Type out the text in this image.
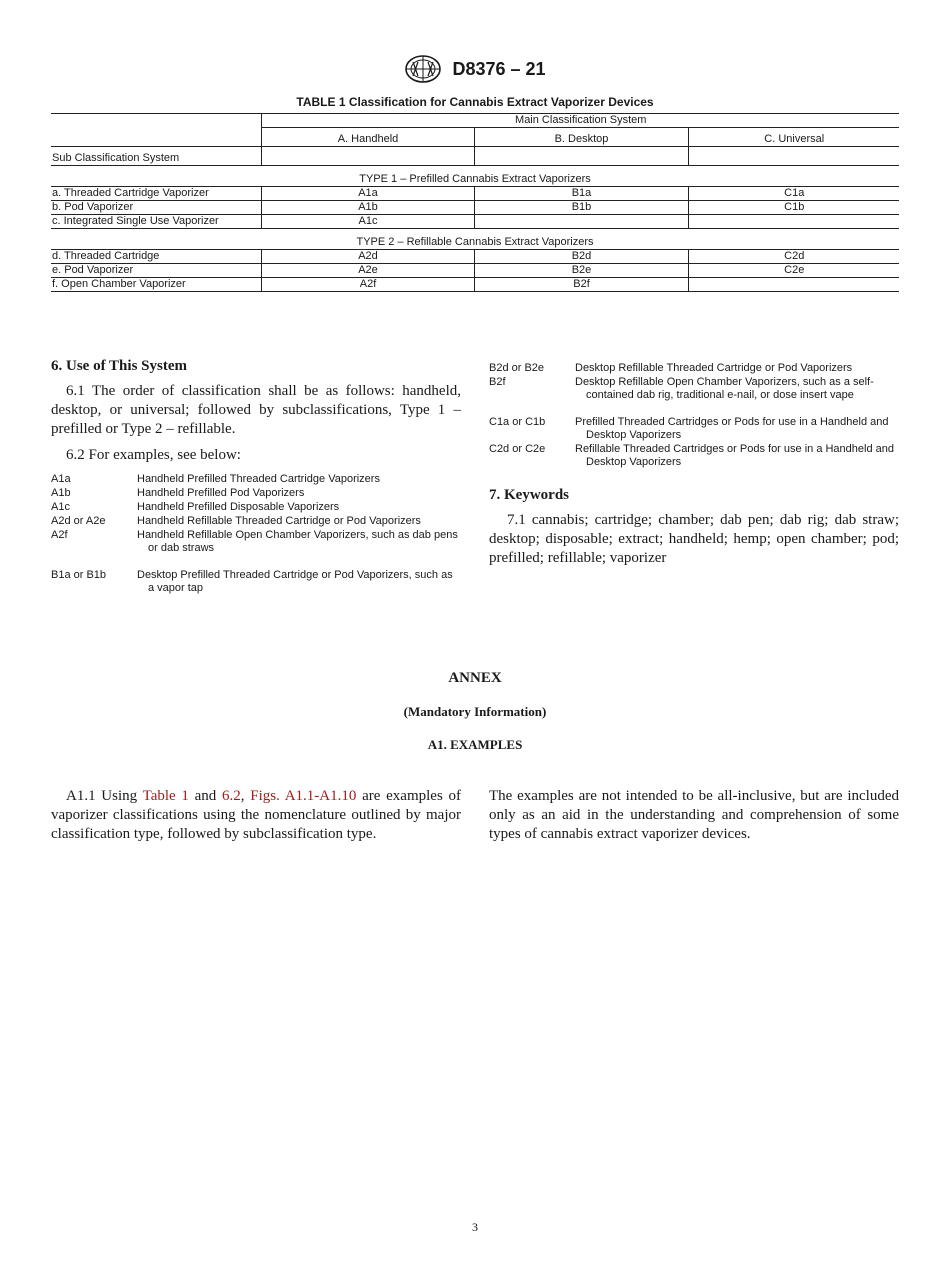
D8376 – 21
TABLE 1 Classification for Cannabis Extract Vaporizer Devices
	Main Classification System		
	A. Handheld	B. Desktop	C. Universal
Sub Classification System			
TYPE 1 – Prefilled Cannabis Extract Vaporizers			
a. Threaded Cartridge Vaporizer	A1a	B1a	C1a
b. Pod Vaporizer	A1b	B1b	C1b
c. Integrated Single Use Vaporizer	A1c		
TYPE 2 – Refillable Cannabis Extract Vaporizers			
d. Threaded Cartridge	A2d	B2d	C2d
e. Pod Vaporizer	A2e	B2e	C2e
f. Open Chamber Vaporizer	A2f	B2f	
6. Use of This System
6.1 The order of classification shall be as follows: handheld, desktop, or universal; followed by subclassifications, Type 1 – prefilled or Type 2 – refillable.
6.2 For examples, see below:
A1a	Handheld Prefilled Threaded Cartridge Vaporizers
A1b	Handheld Prefilled Pod Vaporizers
A1c	Handheld Prefilled Disposable Vaporizers
A2d or A2e	Handheld Refillable Threaded Cartridge or Pod Vaporizers
A2f	Handheld Refillable Open Chamber Vaporizers, such as dab pens or dab straws
B1a or B1b	Desktop Prefilled Threaded Cartridge or Pod Vaporizers, such as a vapor tap
B2d or B2e	Desktop Refillable Threaded Cartridge or Pod Vaporizers
B2f	Desktop Refillable Open Chamber Vaporizers, such as a self-contained dab rig, traditional e-nail, or dose insert vape
C1a or C1b	Prefilled Threaded Cartridges or Pods for use in a Handheld and Desktop Vaporizers
C2d or C2e	Refillable Threaded Cartridges or Pods for use in a Handheld and Desktop Vaporizers
7. Keywords
7.1 cannabis; cartridge; chamber; dab pen; dab rig; dab straw; desktop; disposable; extract; handheld; hemp; open chamber; pod; prefilled; refillable; vaporizer
ANNEX
(Mandatory Information)
A1. EXAMPLES
A1.1 Using Table 1 and 6.2, Figs. A1.1-A1.10 are examples of vaporizer classifications using the nomenclature outlined by major classification type, followed by subclassification type.
The examples are not intended to be all-inclusive, but are included only as an aid in the understanding and comprehension of some types of cannabis extract vaporizer devices.
3
